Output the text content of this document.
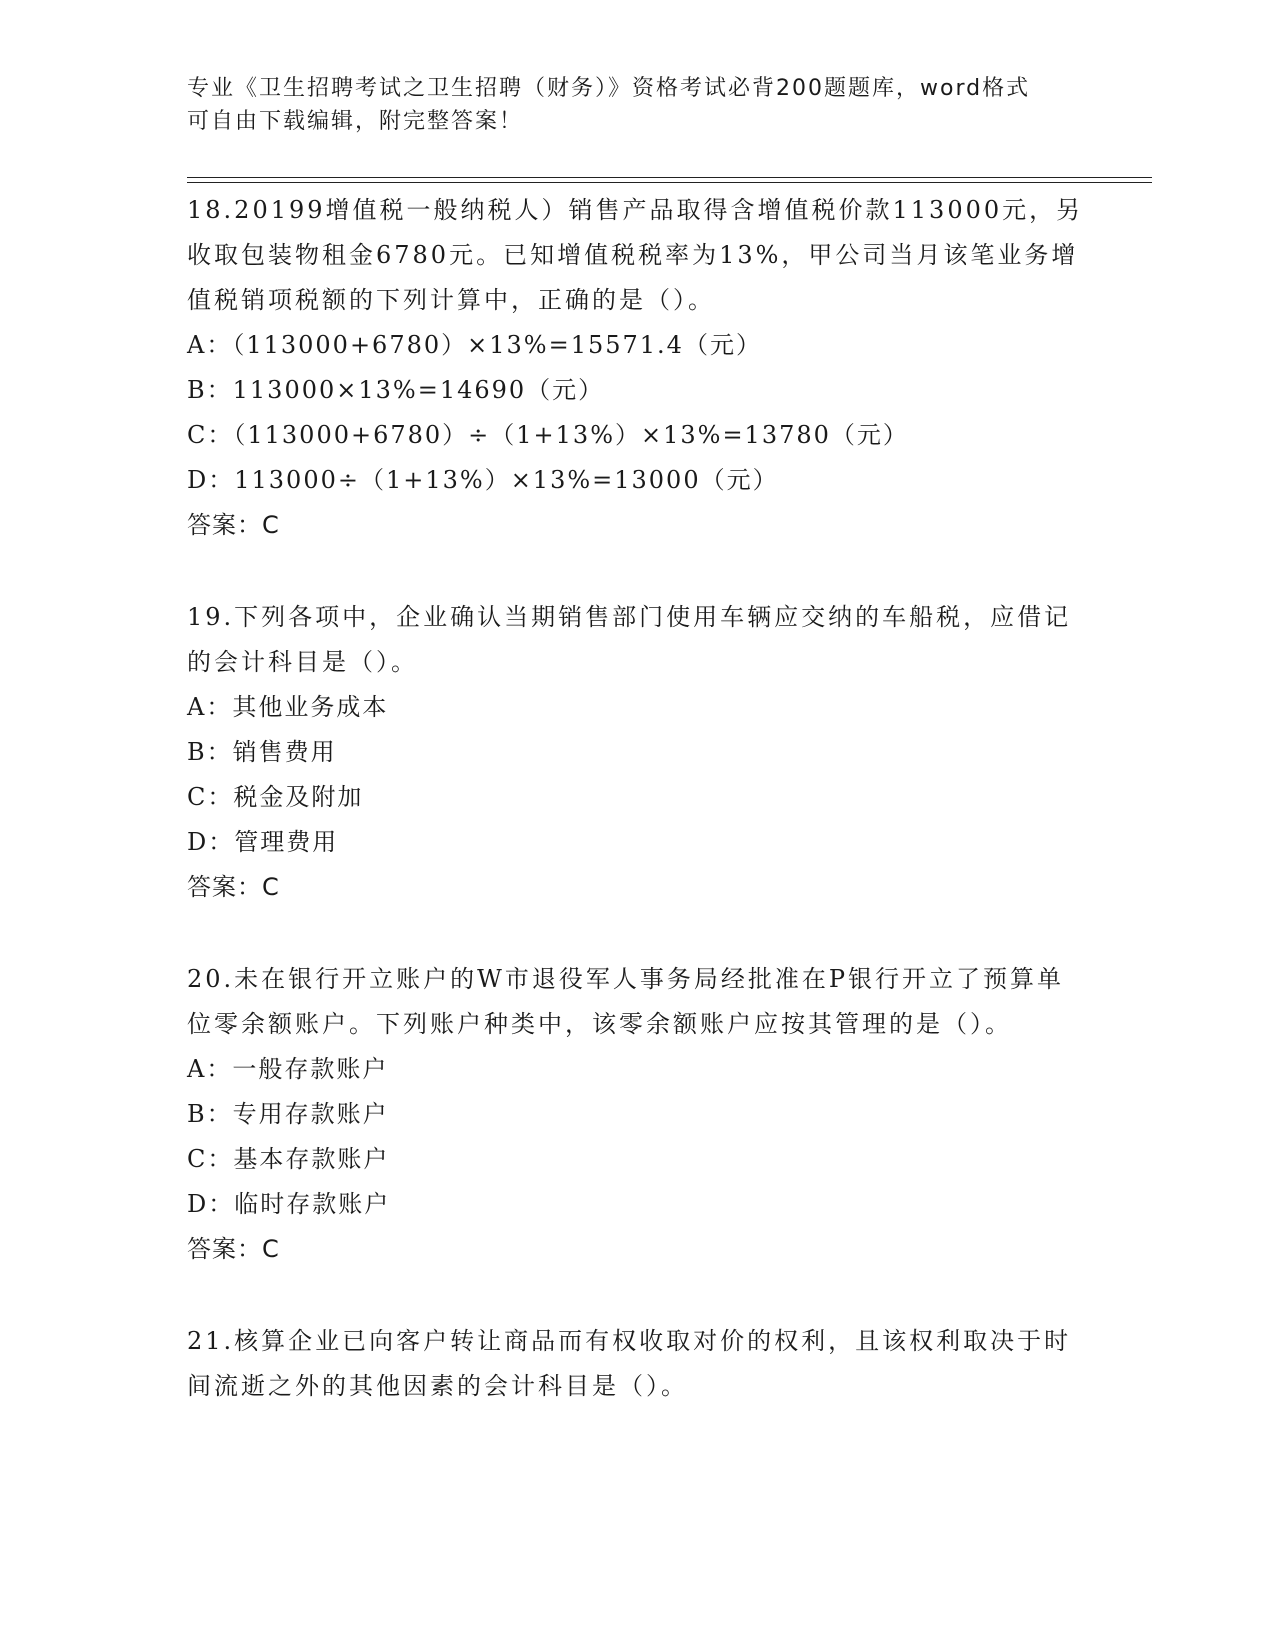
专业《卫生招聘考试之卫生招聘（财务）》资格考试必背200题题库，word格式
可自由下载编辑，附完整答案！
18.20199增值税一般纳税人）销售产品取得含增值税价款113000元，另收取包装物租金6780元。已知增值税税率为13%，甲公司当月该笔业务增值税销项税额的下列计算中，正确的是（）。
A：（113000+6780）×13%=15571.4（元）
B：113000×13%=14690（元）
C：（113000+6780）÷（1+13%）×13%=13780（元）
D：113000÷（1+13%）×13%=13000（元）
答案：C
19.下列各项中，企业确认当期销售部门使用车辆应交纳的车船税，应借记的会计科目是（）。
A：其他业务成本
B：销售费用
C：税金及附加
D：管理费用
答案：C
20.未在银行开立账户的W市退役军人事务局经批准在P银行开立了预算单位零余额账户。下列账户种类中，该零余额账户应按其管理的是（）。
A：一般存款账户
B：专用存款账户
C：基本存款账户
D：临时存款账户
答案：C
21.核算企业已向客户转让商品而有权收取对价的权利，且该权利取决于时间流逝之外的其他因素的会计科目是（）。
